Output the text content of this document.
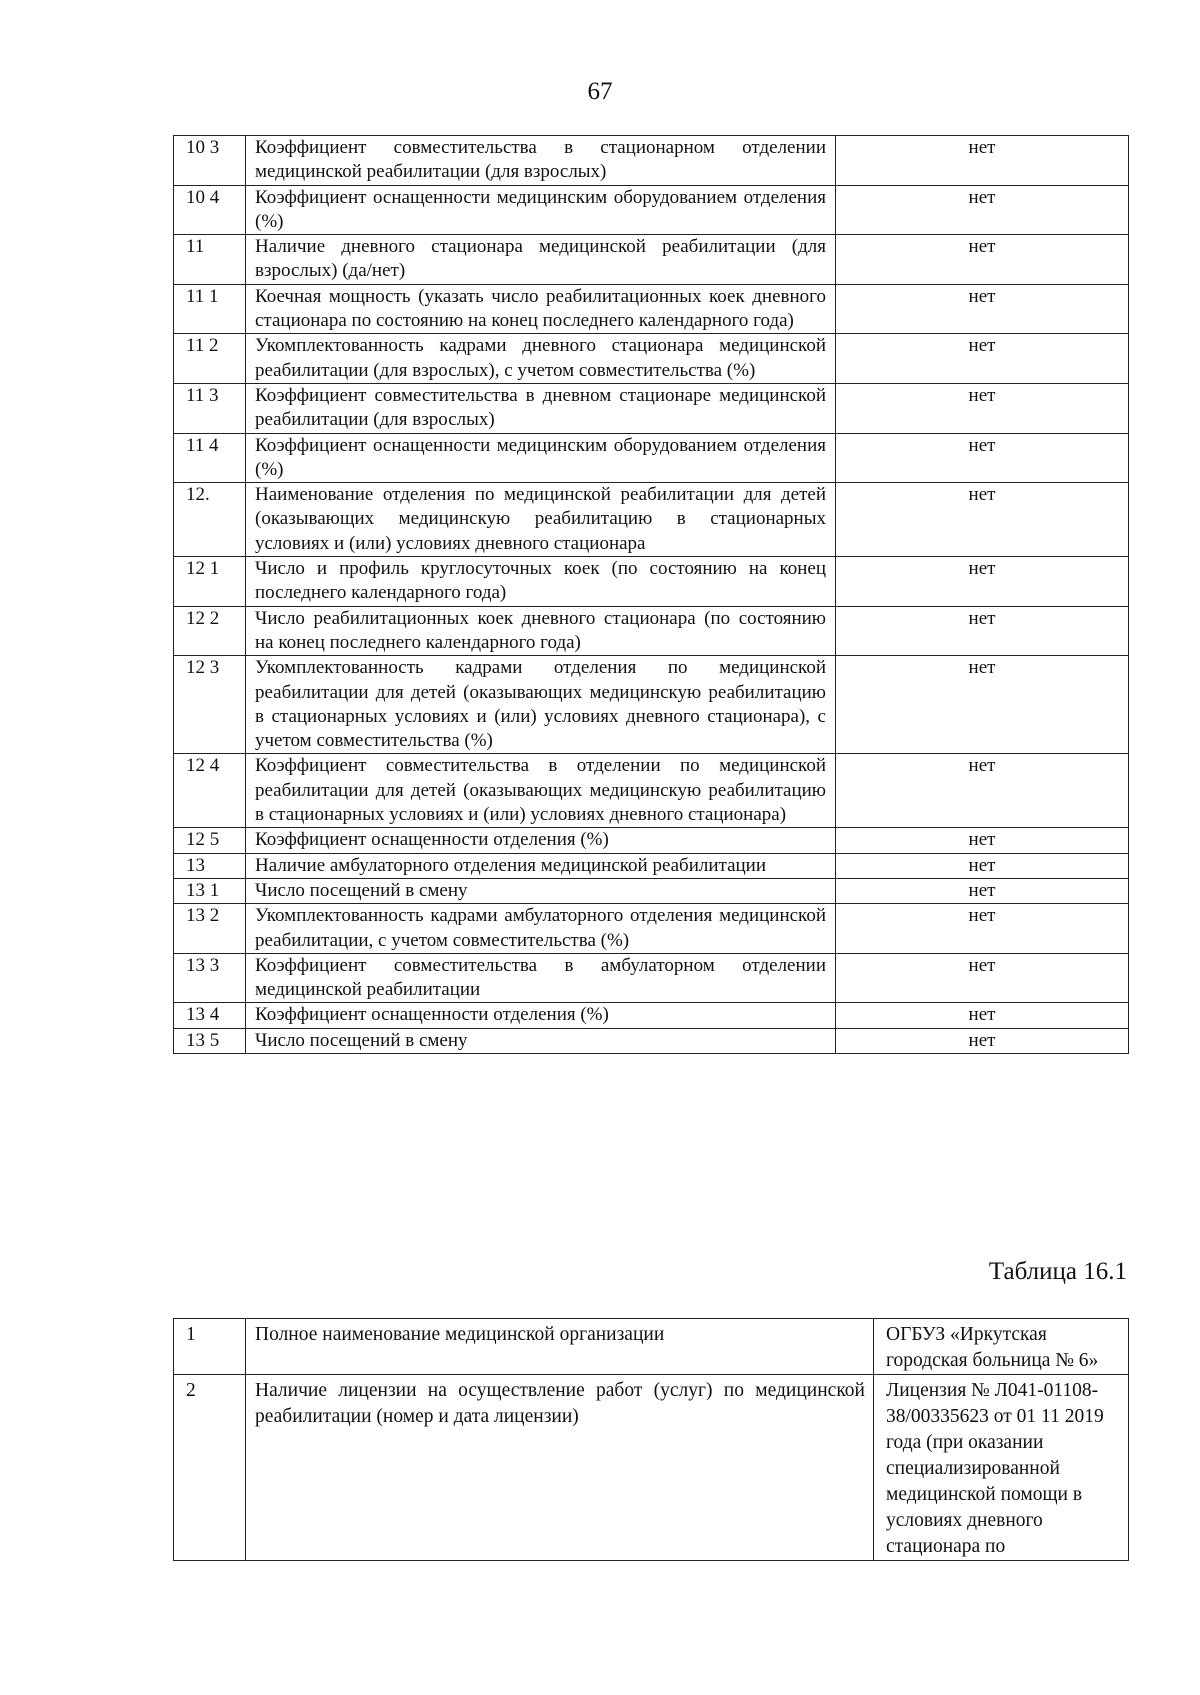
67
10 3	Коэффициент совместительства в стационарном отделении медицинской реабилитации (для взрослых)	нет
10 4	Коэффициент оснащенности медицинским оборудованием отделения (%)	нет
11	Наличие дневного стационара медицинской реабилитации (для взрослых) (да/нет)	нет
11 1	Коечная мощность (указать число реабилитационных коек дневного стационара по состоянию на конец последнего календарного года)	нет
11 2	Укомплектованность кадрами дневного стационара медицинской реабилитации (для взрослых), с учетом совместительства (%)	нет
11 3	Коэффициент совместительства в дневном стационаре медицинской реабилитации (для взрослых)	нет
11 4	Коэффициент оснащенности медицинским оборудованием отделения (%)	нет
12.	Наименование отделения по медицинской реабилитации для детей (оказывающих медицинскую реабилитацию в стационарных условиях и (или) условиях дневного стационара	нет
12 1	Число и профиль круглосуточных коек (по состоянию на конец последнего календарного года)	нет
12 2	Число реабилитационных коек дневного стационара (по состоянию на конец последнего календарного года)	нет
12 3	Укомплектованность кадрами отделения по медицинской реабилитации для детей (оказывающих медицинскую реабилитацию в стационарных условиях и (или) условиях дневного стационара), с учетом совместительства (%)	нет
12 4	Коэффициент совместительства в отделении по медицинской реабилитации для детей (оказывающих медицинскую реабилитацию в стационарных условиях и (или) условиях дневного стационара)	нет
12 5	Коэффициент оснащенности отделения (%)	нет
13	Наличие амбулаторного отделения медицинской реабилитации	нет
13 1	Число посещений в смену	нет
13 2	Укомплектованность кадрами амбулаторного отделения медицинской реабилитации, с учетом совместительства (%)	нет
13 3	Коэффициент совместительства в амбулаторном отделении медицинской реабилитации	нет
13 4	Коэффициент оснащенности отделения (%)	нет
13 5	Число посещений в смену	нет
Таблица 16.1
1	Полное наименование медицинской организации	ОГБУЗ «Иркутская городская больница № 6»
2	Наличие лицензии на осуществление работ (услуг) по медицинской реабилитации (номер и дата лицензии)	Лицензия № Л041-01108-38/00335623 от 01 11 2019 года (при оказании специализированной медицинской помощи в условиях дневного стационара по
